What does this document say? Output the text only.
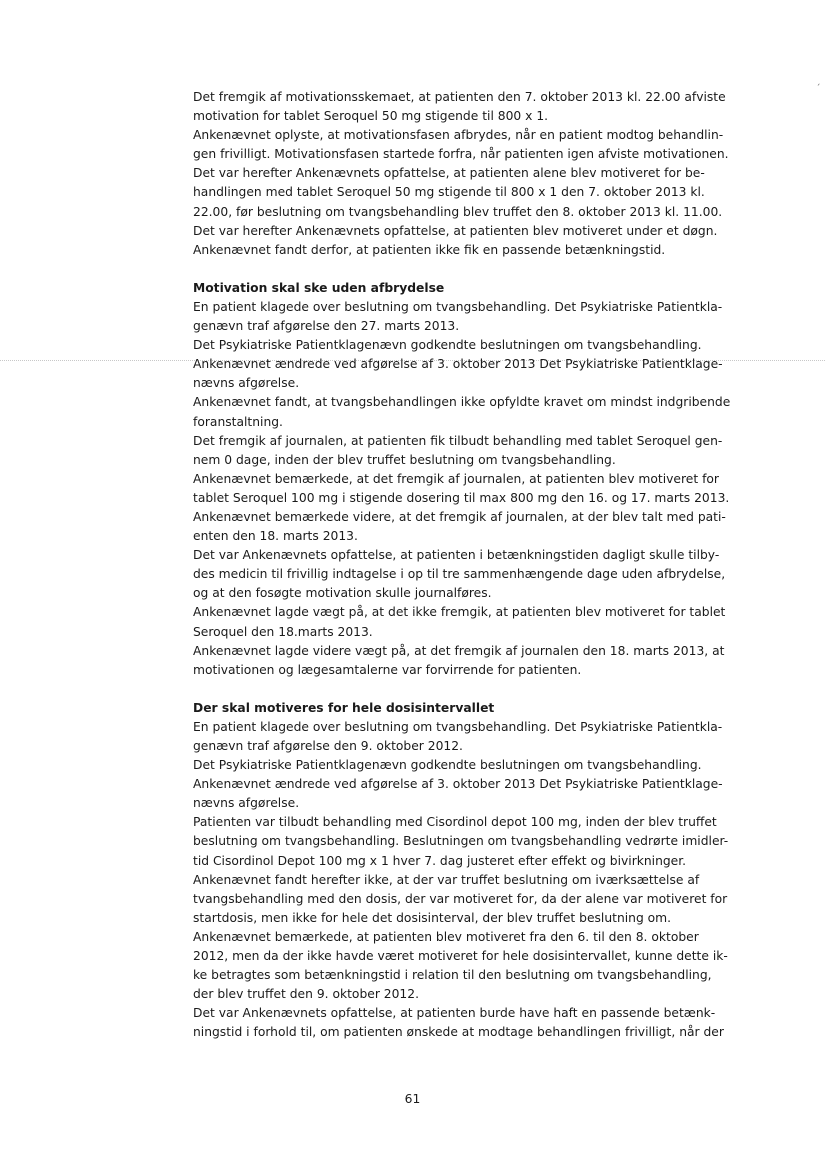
´
Det fremgik af motivationsskemaet, at patienten den 7. oktober 2013 kl. 22.00 afviste
motivation for tablet Seroquel 50 mg stigende til 800 x 1.
Ankenævnet oplyste, at motivationsfasen afbrydes, når en patient modtog behandlin-
gen frivilligt. Motivationsfasen startede forfra, når patienten igen afviste motivationen.
Det var herefter Ankenævnets opfattelse, at patienten alene blev motiveret for be-
handlingen med tablet Seroquel 50 mg stigende til 800 x 1 den 7. oktober 2013 kl.
22.00, før beslutning om tvangsbehandling blev truffet den 8. oktober 2013 kl. 11.00.
Det var herefter Ankenævnets opfattelse, at patienten blev motiveret under et døgn.
Ankenævnet fandt derfor, at patienten ikke fik en passende betænkningstid.
Motivation skal ske uden afbrydelse
En patient klagede over beslutning om tvangsbehandling. Det Psykiatriske Patientkla-
genævn traf afgørelse den 27. marts 2013.
Det Psykiatriske Patientklagenævn godkendte beslutningen om tvangsbehandling.
Ankenævnet ændrede ved afgørelse af 3. oktober 2013 Det Psykiatriske Patientklage-
nævns afgørelse.
Ankenævnet fandt, at tvangsbehandlingen ikke opfyldte kravet om mindst indgribende
foranstaltning.
Det fremgik af journalen, at patienten fik tilbudt behandling med tablet Seroquel gen-
nem 0 dage, inden der blev truffet beslutning om tvangsbehandling.
Ankenævnet bemærkede, at det fremgik af journalen, at patienten blev motiveret for
tablet Seroquel 100 mg i stigende dosering til max 800 mg den 16. og 17. marts 2013.
Ankenævnet bemærkede videre, at det fremgik af journalen, at der blev talt med pati-
enten den 18. marts 2013.
Det var Ankenævnets opfattelse, at patienten i betænkningstiden dagligt skulle tilby-
des medicin til frivillig indtagelse i op til tre sammenhængende dage uden afbrydelse,
og at den fosøgte motivation skulle journalføres.
Ankenævnet lagde vægt på, at det ikke fremgik, at patienten blev motiveret for tablet
Seroquel den 18.marts 2013.
Ankenævnet lagde videre vægt på, at det fremgik af journalen den 18. marts 2013, at
motivationen og lægesamtalerne var forvirrende for patienten.
Der skal motiveres for hele dosisintervallet
En patient klagede over beslutning om tvangsbehandling. Det Psykiatriske Patientkla-
genævn traf afgørelse den 9. oktober 2012.
Det Psykiatriske Patientklagenævn godkendte beslutningen om tvangsbehandling.
Ankenævnet ændrede ved afgørelse af 3. oktober 2013 Det Psykiatriske Patientklage-
nævns afgørelse.
Patienten var tilbudt behandling med Cisordinol depot 100 mg, inden der blev truffet
beslutning om tvangsbehandling. Beslutningen om tvangsbehandling vedrørte imidler-
tid Cisordinol Depot 100 mg x 1 hver 7. dag justeret efter effekt og bivirkninger.
Ankenævnet fandt herefter ikke, at der var truffet beslutning om iværksættelse af
tvangsbehandling med den dosis, der var motiveret for, da der alene var motiveret for
startdosis, men ikke for hele det dosisinterval, der blev truffet beslutning om.
Ankenævnet bemærkede, at patienten blev motiveret fra den 6. til den 8. oktober
2012, men da der ikke havde været motiveret for hele dosisintervallet, kunne dette ik-
ke betragtes som betænkningstid i relation til den beslutning om tvangsbehandling,
der blev truffet den 9. oktober 2012.
Det var Ankenævnets opfattelse, at patienten burde have haft en passende betænk-
ningstid i forhold til, om patienten ønskede at modtage behandlingen frivilligt, når der
61
